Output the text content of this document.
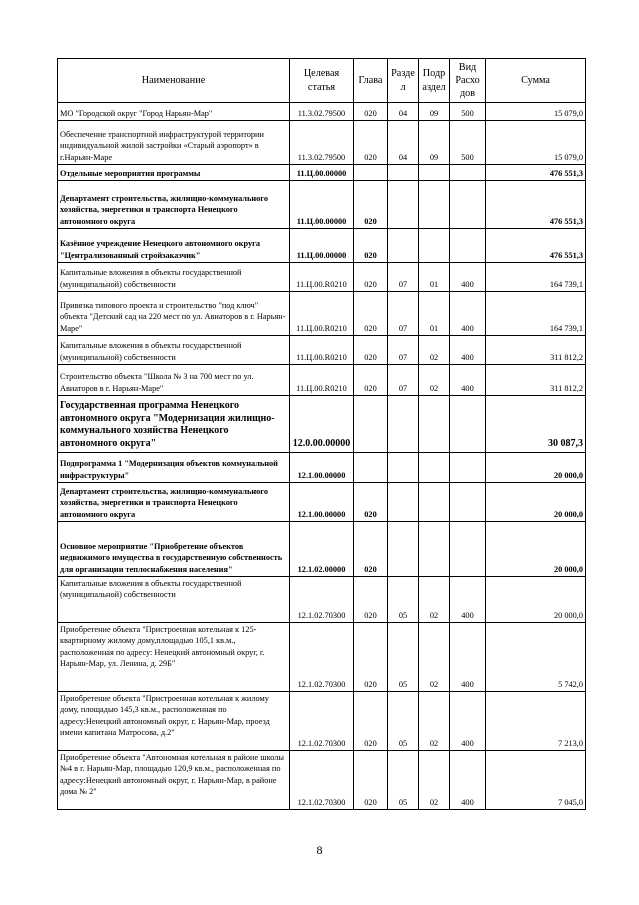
Наименование	Целевая статья	Глава	Разде л	Подр аздел	Вид Расхо дов	Сумма
МО "Городской округ "Город Нарьян-Мар"	11.3.02.79500	020	04	09	500	15 079,0
Обеспечение транспортной инфраструктурой территории индивидуальной жилой застройки «Старый аэропорт» в г.Нарьян-Маре	11.3.02.79500	020	04	09	500	15 079,0
Отдельные мероприятия программы	11.Ц.00.00000					476 551,3
Департамент строительства, жилищно-коммунального хозяйства, энергетики и транспорта Ненецкого автономного округа	11.Ц.00.00000	020				476 551,3
Казённое учреждение Ненецкого автономного округа "Централизованный стройзаказчик"	11.Ц.00.00000	020				476 551,3
Капитальные вложения в объекты государственной (муниципальной) собственности	11.Ц.00.R0210	020	07	01	400	164 739,1
Привязка типового проекта и строительство "под ключ" объекта "Детский сад на 220 мест по ул. Авиаторов в г. Нарьян-Маре"	11.Ц.00.R0210	020	07	01	400	164 739,1
Капитальные вложения в объекты государственной (муниципальной) собственности	11.Ц.00.R0210	020	07	02	400	311 812,2
Строительство объекта "Школа № 3 на 700 мест по ул. Авиаторов в г. Нарьян-Маре"	11.Ц.00.R0210	020	07	02	400	311 812,2
Государственная программа Ненецкого автономного округа "Модернизация жилищно-коммунального хозяйства Ненецкого автономного округа"	12.0.00.00000					30 087,3
Подпрограмма 1 "Модернизация объектов коммунальной инфраструктуры"	12.1.00.00000					20 000,0
Департамент строительства, жилищно-коммунального хозяйства, энергетики и транспорта Ненецкого автономного округа	12.1.00.00000	020				20 000,0
Основное мероприятие "Приобретение объектов недвижимого имущества в государственную собственность для организации теплоснабжения населения"	12.1.02.00000	020				20 000,0
Капитальные вложения в объекты государственной (муниципальной) собственности	12.1.02.70300	020	05	02	400	20 000,0
Приобретение объекта "Пристроенная котельная к 125-квартирному жилому дому,площадью 105,1 кв.м., расположенная по адресу: Ненецкий автономный округ, г. Нарьян-Мар, ул. Ленина, д. 29Б"	12.1.02.70300	020	05	02	400	5 742,0
Приобретение объекта "Пристроенная котельная к жилому дому, площадью 145,3 кв.м., расположенная по адресу:Ненецкий автономный округ, г. Нарьян-Мар, проезд имени капитана Матросова, д.2"	12.1.02.70300	020	05	02	400	7 213,0
Приобретение объекта "Автономная котельная в районе школы №4 в г. Нарьян-Мар, площадью 120,9 кв.м., расположенная по адресу:Ненецкий автономный округ, г. Нарьян-Мар, в районе дома № 2"	12.1.02.70300	020	05	02	400	7 045,0
8
